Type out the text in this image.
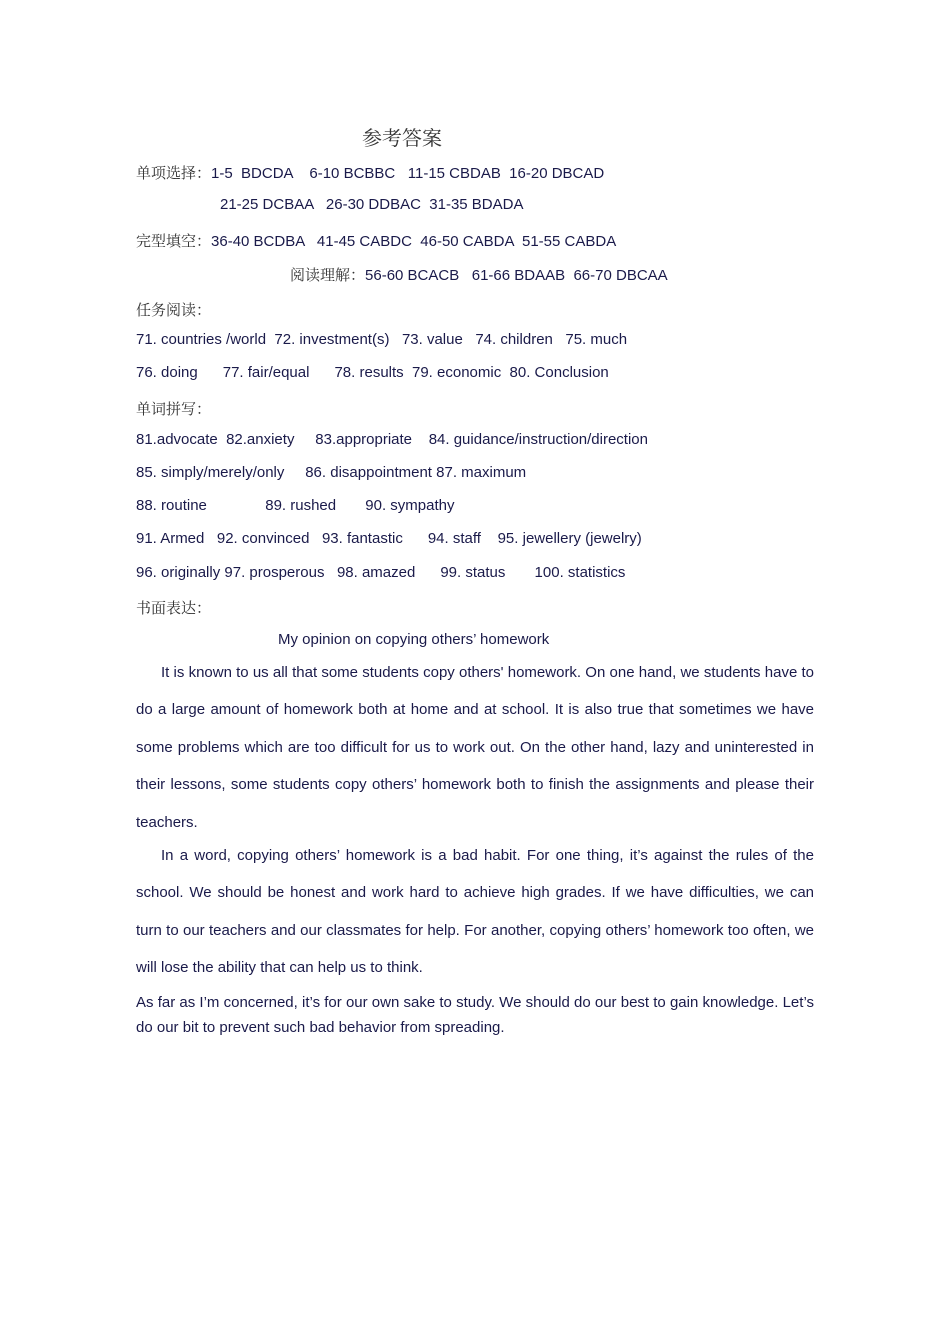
参考答案
单项选择：1-5  BDCDA    6-10 BCBBC   11-15 CBDAB  16-20 DBCAD
21-25 DCBAA   26-30 DDBAC  31-35 BDADA
完型填空：36-40 BCDBA   41-45 CABDC  46-50 CABDA  51-55 CABDA
阅读理解：56-60 BCACB   61-66 BDAAB  66-70 DBCAA
任务阅读：
71. countries /world  72. investment(s)   73. value   74. children   75. much
76. doing      77. fair/equal      78. results  79. economic  80. Conclusion
单词拼写：
81.advocate  82.anxiety     83.appropriate    84. guidance/instruction/direction
85. simply/merely/only     86. disappointment 87. maximum
88. routine              89. rushed       90. sympathy
91. Armed   92. convinced   93. fantastic      94. staff    95. jewellery (jewelry)
96. originally 97. prosperous   98. amazed      99. status       100. statistics
书面表达：
My opinion on copying others’ homework

It is known to us all that some students copy others' homework. On one hand, we students have to do a large amount of homework both at home and at school. It is also true that sometimes we have some problems which are too difficult for us to work out. On the other hand, lazy and uninterested in their lessons, some students copy others’ homework both to finish the assignments and please their teachers.

In a word, copying others’ homework is a bad habit. For one thing, it’s against the rules of the school. We should be honest and work hard to achieve high grades. If we have difficulties, we can turn to our teachers and our classmates for help. For another, copying others’ homework too often, we will lose the ability that can help us to think.

As far as I’m concerned, it’s for our own sake to study. We should do our best to gain knowledge. Let’s do our bit to prevent such bad behavior from spreading.
